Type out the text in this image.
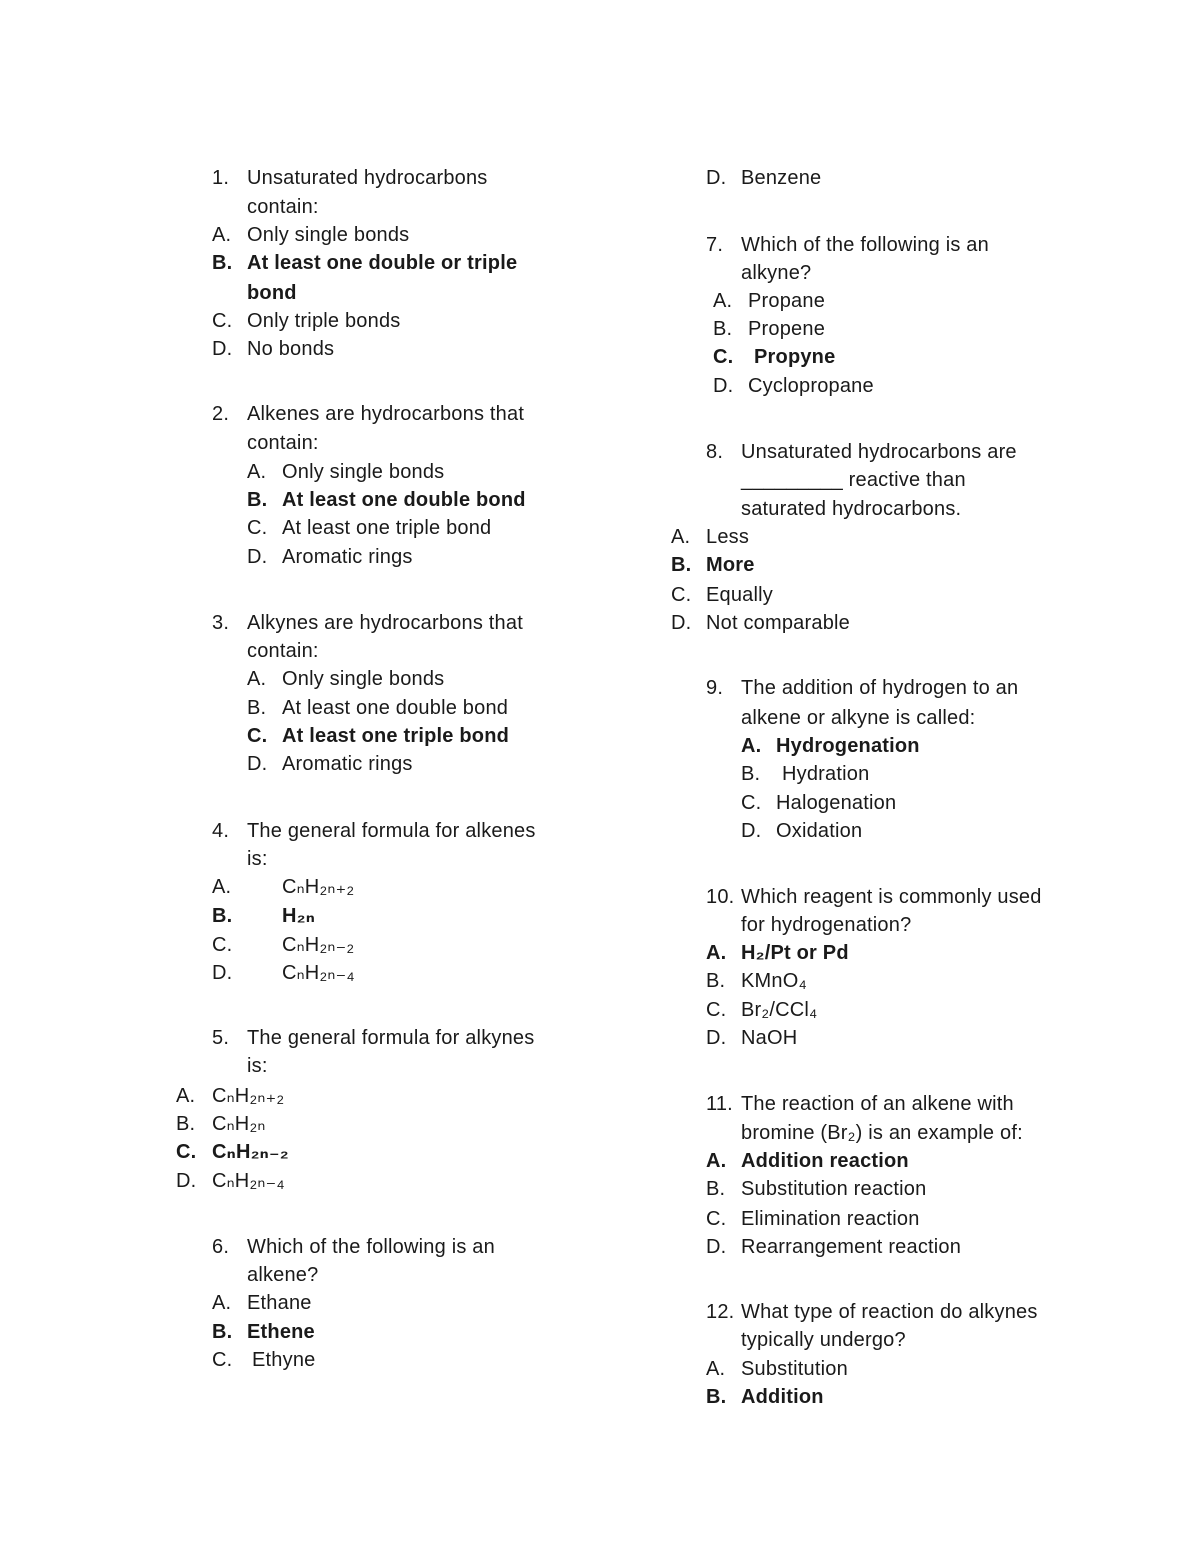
1. Unsaturated hydrocarbons
contain:
A. Only single bonds
B. At least one double or triple
bond
C. Only triple bonds
D. No bonds
2. Alkenes are hydrocarbons that
contain:
A. Only single bonds
B. At least one double bond
C. At least one triple bond
D. Aromatic rings
3. Alkynes are hydrocarbons that
contain:
A. Only single bonds
B. At least one double bond
C. At least one triple bond
D. Aromatic rings
4. The general formula for alkenes
is:
A.	CₙH₂ₙ₊₂
B. H₂ₙ
C. CₙH₂ₙ₋₂
D. CₙH₂ₙ₋₄
5. The general formula for alkynes
is:
A. CₙH₂ₙ₊₂
B. CₙH₂ₙ
C. CₙH₂ₙ₋₂
D. CₙH₂ₙ₋₄
6. Which of the following is an
alkene?
A. Ethane
B. Ethene
C. Ethyne
D. Benzene
7. Which of the following is an
alkyne?
A. Propane
B. Propene
C. Propyne
D. Cyclopropane
8. Unsaturated hydrocarbons are
_________ reactive than
saturated hydrocarbons.
A. Less
B. More
C. Equally
D. Not comparable
9. The addition of hydrogen to an
alkene or alkyne is called:
A. Hydrogenation
B. Hydration
C. Halogenation
D. Oxidation
10. Which reagent is commonly used
for hydrogenation?
A. H₂/Pt or Pd
B. KMnO₄
C. Br₂/CCl₄
D. NaOH
11. The reaction of an alkene with
bromine (Br₂) is an example of:
A. Addition reaction
B. Substitution reaction
C. Elimination reaction
D. Rearrangement reaction
12. What type of reaction do alkynes
typically undergo?
A. Substitution
B. Addition
